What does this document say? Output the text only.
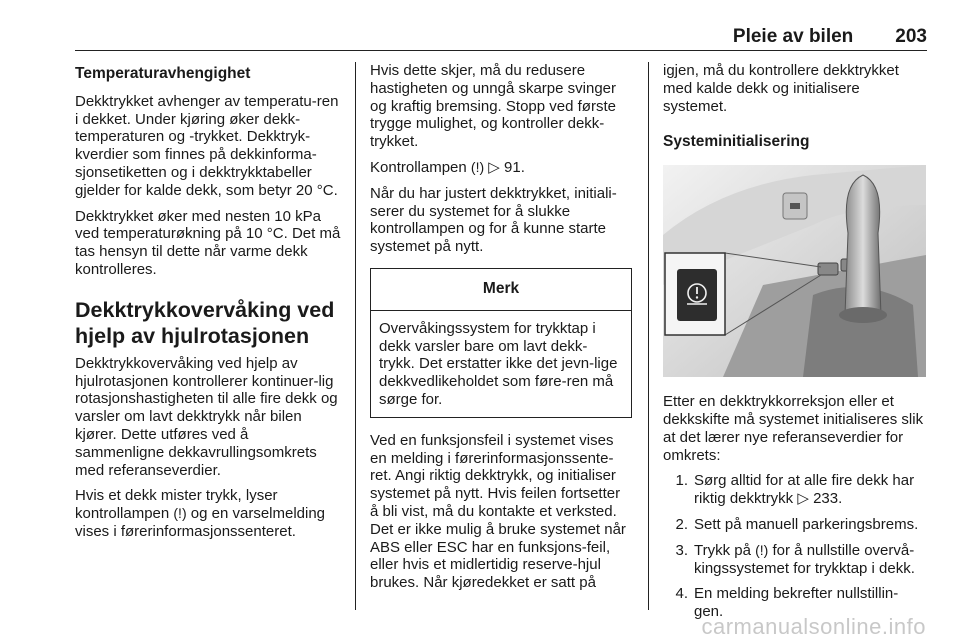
Pleie av bilen 203
Temperaturavhengighet

Dekktrykket avhenger av temperatu-ren i dekket. Under kjøring øker dekk-temperaturen og -trykket. Dekktryk-kverdier som finnes på dekkinforma-sjonsetiketten og i dekktrykktabeller gjelder for kalde dekk, som betyr 20 °C.

Dekktrykket øker med nesten 10 kPa ved temperaturøkning på 10 °C. Det må tas hensyn til dette når varme dekk kontrolleres.

Dekktrykkovervåking ved hjelp av hjulrotasjonen

Dekktrykkovervåking ved hjelp av hjulrotasjonen kontrollerer kontinuer-lig rotasjonshastigheten til alle fire dekk og varsler om lavt dekktrykk når bilen kjører. Dette utføres ved å sammenligne dekkavrullingsomkrets med referanseverdier.

Hvis et dekk mister trykk, lyser kontrollampen (!) og en varselmelding vises i førerinformasjonssenteret.

Hvis dette skjer, må du redusere hastigheten og unngå skarpe svinger og kraftig bremsing. Stopp ved første trygge mulighet, og kontroller dekk-trykket.

Kontrollampen (!) ▷ 91.

Når du har justert dekktrykket, initiali-serer du systemet for å slukke kontrollampen og for å kunne starte systemet på nytt.

Merk
Overvåkingssystem for trykktap i dekk varsler bare om lavt dekk-trykk. Det erstatter ikke det jevn-lige dekkvedlikeholdet som føre-ren må sørge for.

Ved en funksjonsfeil i systemet vises en melding i førerinformasjonssente-ret. Angi riktig dekktrykk, og initialiser systemet på nytt. Hvis feilen fortsetter å bli vist, må du kontakte et verksted. Det er ikke mulig å bruke systemet når ABS eller ESC har en funksjons-feil, eller hvis et midlertidig reserve-hjul brukes. Når kjøredekket er satt på

igjen, må du kontrollere dekktrykket med kalde dekk og initialisere systemet.

Systeminitialisering

Etter en dekktrykkorreksjon eller et dekkskifte må systemet initialiseres slik at det lærer nye referanseverdier for omkrets:

1. Sørg alltid for at alle fire dekk har riktig dekktrykk ▷ 233.
2. Sett på manuell parkeringsbrems.
3. Trykk på (!) for å nullstille overvå-kingssystemet for trykktap i dekk.
4. En melding bekrefter nullstillin-gen.
carmanualsonline.info
